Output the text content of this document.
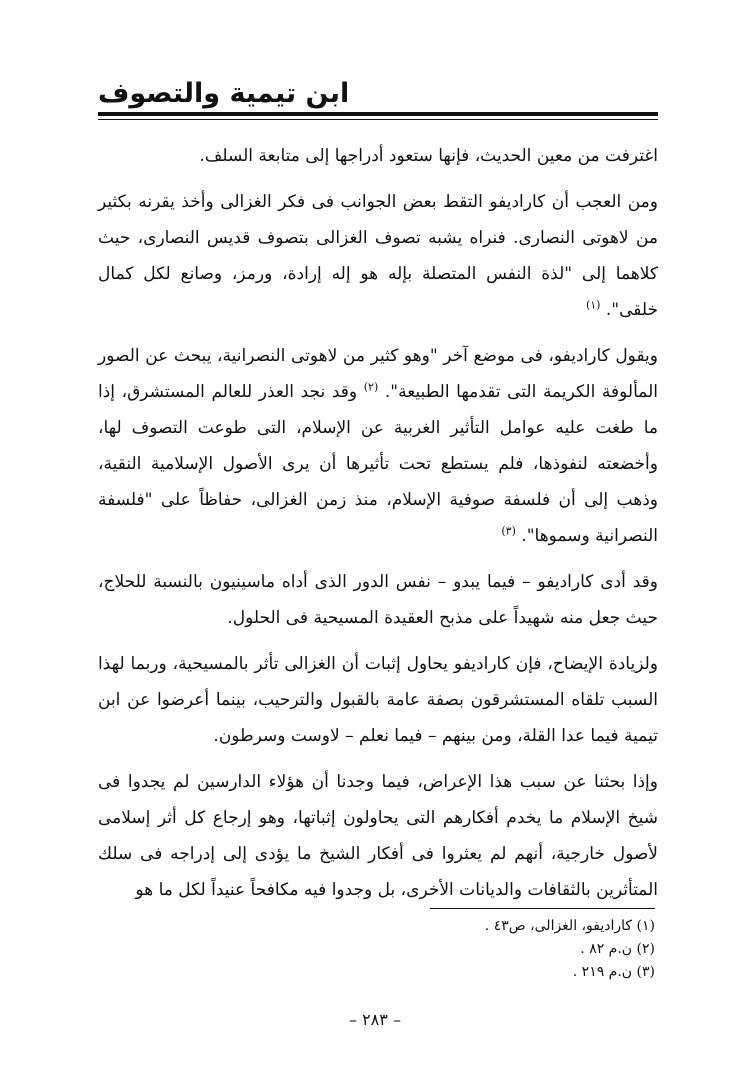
ابن تيمية والتصوف

اغترفت من معين الحديث، فإنها ستعود أدراجها إلى متابعة السلف.

ومن العجب أن كاراديفو التقط بعض الجوانب فى فكر الغزالى وأخذ يقرنه بكثير من لاهوتى النصارى. فنراه يشبه تصوف الغزالى بتصوف قديس النصارى، حيث كلاهما إلى "لذة النفس المتصلة بإله هو إله إرادة، ورمز، وصانع لكل كمال خلقى". $^{(١)}$

ويقول كاراديفو، فى موضع آخر "وهو كثير من لاهوتى النصرانية، يبحث عن الصور المألوفة الكريمة التى تقدمها الطبيعة". $^{(٢)}$ وقد نجد العذر للعالم المستشرق، إذا ما طغت عليه عوامل التأثير الغربية عن الإسلام، التى طوعت التصوف لها، وأخضعته لنفوذها، فلم يستطع تحت تأثيرها أن يرى الأصول الإسلامية النقية، وذهب إلى أن فلسفة صوفية الإسلام، منذ زمن الغزالى، حفاظاً على "فلسفة النصرانية وسموها". $^{(٣)}$

وقد أدى كاراديفو – فيما يبدو – نفس الدور الذى أداه ماسينيون بالنسبة للحلاج، حيث جعل منه شهيداً على مذبح العقيدة المسيحية فى الحلول.

ولزيادة الإيضاح، فإن كاراديفو يحاول إثبات أن الغزالى تأثر بالمسيحية، وربما لهذا السبب تلقاه المستشرقون بصفة عامة بالقبول والترحيب، بينما أعرضوا عن ابن تيمية فيما عدا القلة، ومن بينهم – فيما نعلم – لاوست وسرطون.

وإذا بحثنا عن سبب هذا الإعراض، فيما وجدنا أن هؤلاء الدارسين لم يجدوا فى شيخ الإسلام ما يخدم أفكارهم التى يحاولون إثباتها، وهو إرجاع كل أثر إسلامى لأصول خارجية، أنهم لم يعثروا فى أفكار الشيخ ما يؤدى إلى إدراجه فى سلك المتأثرين بالثقافات والديانات الأخرى، بل وجدوا فيه مكافحاً عنيداً لكل ما هو

(١) كاراديفو، الغزالى، ص٤٣ .

(٢) ن.م ٨٢ .

(٣) ن.م ٢١٩ .

– ٢٨٣ –
